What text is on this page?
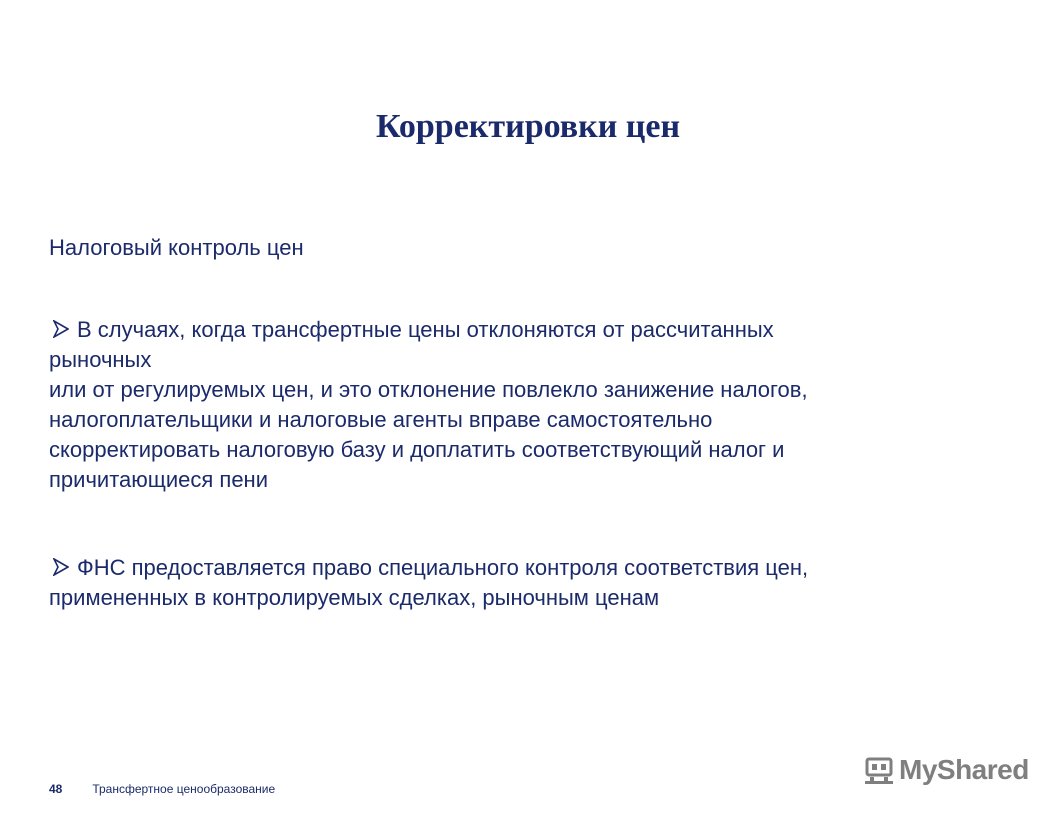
Корректировки цен

Налоговый контроль цен

В случаях, когда трансфертные цены отклоняются от рассчитанных
рыночных
или от регулируемых цен, и это отклонение повлекло занижение налогов,
налогоплательщики и налоговые агенты вправе самостоятельно
скорректировать налоговую базу и доплатить соответствующий налог и
причитающиеся пени
ФНС предоставляется право специального контроля соответствия цен,
примененных в контролируемых сделках, рыночным ценам
48 Трансфертное ценообразование
MyShared
